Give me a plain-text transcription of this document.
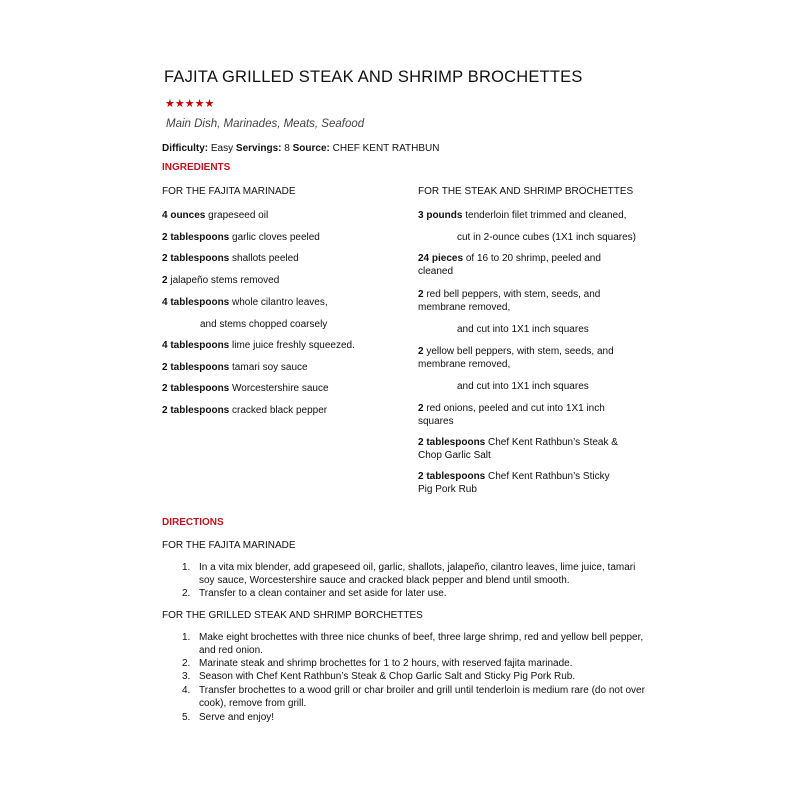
FAJITA GRILLED STEAK AND SHRIMP BROCHETTES
★★★★★
Main Dish, Marinades, Meats, Seafood
Difficulty: Easy Servings: 8 Source: CHEF KENT RATHBUN
INGREDIENTS
FOR THE FAJITA MARINADE	FOR THE STEAK AND SHRIMP BROCHETTES
4 ounces grapeseed oil
2 tablespoons garlic cloves peeled
2 tablespoons shallots peeled
2 jalapeño stems removed
4 tablespoons whole cilantro leaves,
and stems chopped coarsely
4 tablespoons lime juice freshly squeezed.
2 tablespoons tamari soy sauce
2 tablespoons Worcestershire sauce
2 tablespoons cracked black pepper
3 pounds tenderloin filet trimmed and cleaned,
cut in 2-ounce cubes (1X1 inch squares)
24 pieces of 16 to 20 shrimp, peeled and cleaned
2 red bell peppers, with stem, seeds, and membrane removed,
and cut into 1X1 inch squares
2 yellow bell peppers, with stem, seeds, and membrane removed,
and cut into 1X1 inch squares
2 red onions, peeled and cut into 1X1 inch squares
2 tablespoons Chef Kent Rathbun’s Steak & Chop Garlic Salt
2 tablespoons Chef Kent Rathbun’s Sticky Pig Pork Rub
DIRECTIONS
FOR THE FAJITA MARINADE
1. In a vita mix blender, add grapeseed oil, garlic, shallots, jalapeño, cilantro leaves, lime juice, tamari soy sauce, Worcestershire sauce and cracked black pepper and blend until smooth.
2. Transfer to a clean container and set aside for later use.
FOR THE GRILLED STEAK AND SHRIMP BORCHETTES
1. Make eight brochettes with three nice chunks of beef, three large shrimp, red and yellow bell pepper, and red onion.
2. Marinate steak and shrimp brochettes for 1 to 2 hours, with reserved fajita marinade.
3. Season with Chef Kent Rathbun’s Steak & Chop Garlic Salt and Sticky Pig Pork Rub.
4. Transfer brochettes to a wood grill or char broiler and grill until tenderloin is medium rare (do not over cook), remove from grill.
5. Serve and enjoy!
